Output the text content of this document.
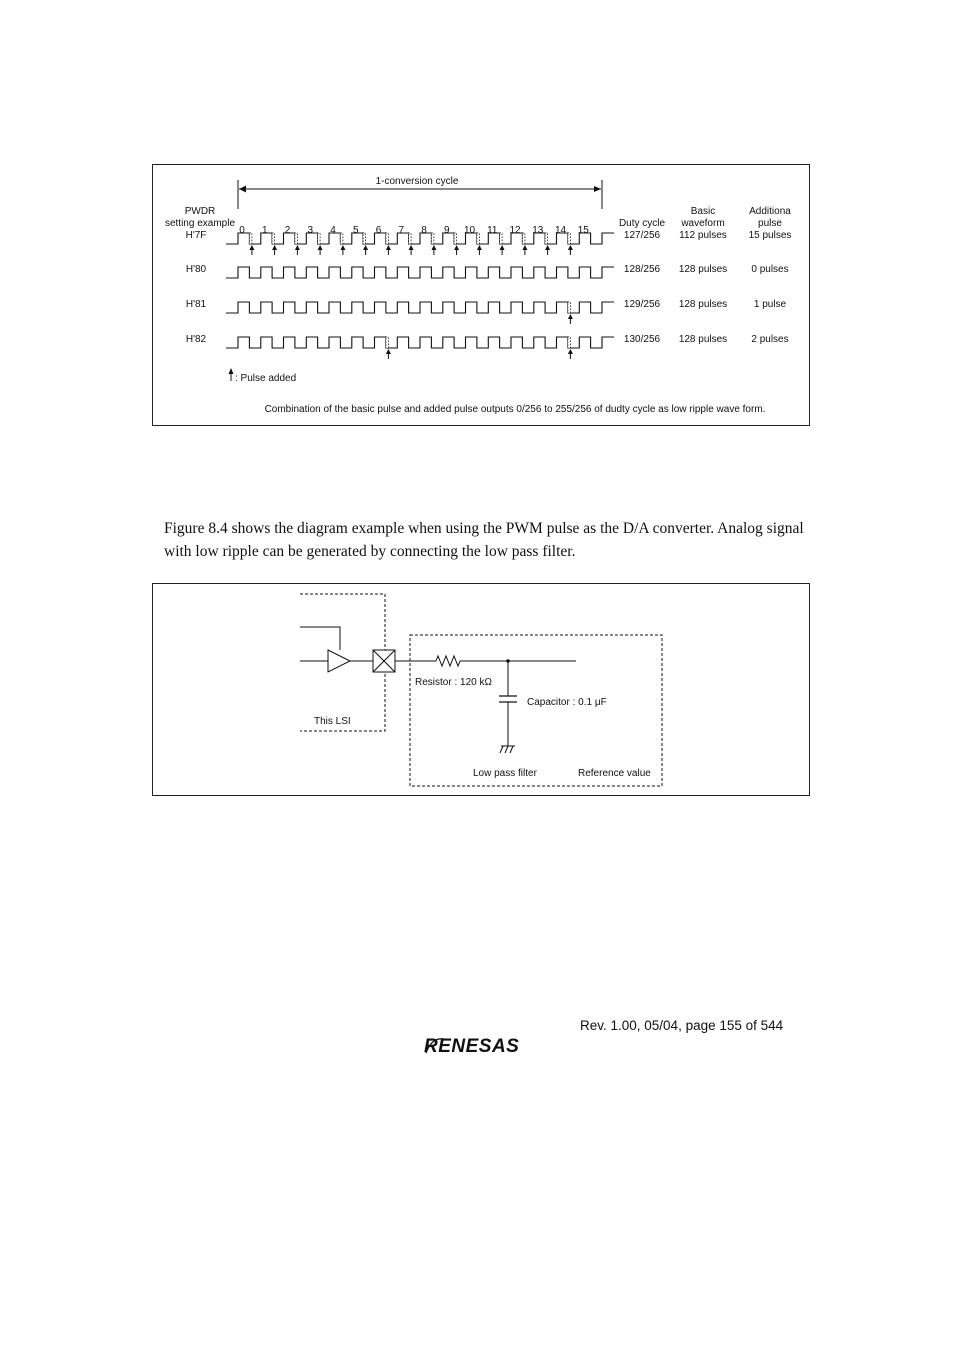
1-conversion cycle
PWDR
setting example	Duty cycle
Basic
waveform
Additiona
pulse
0 1 2 3 4 5 6 7 8 9 10 11 12 13 14 15
H'7F	127/256 112 pulses 15 pulses
H'80	128/256 128 pulses 0 pulses
H'81	129/256 128 pulses	1 pulse
H'82	130/256 128 pulses 2 pulses
: Pulse added
Combination of the basic pulse and added pulse outputs 0/256 to 255/256 of dudty cycle as low ripple wave form.

Figure 8.4 shows the diagram example when using the PWM pulse as the D/A converter. Analog signal with low ripple can be generated by connecting the low pass filter.

Resistor : 120 kΩ
Capacitor : 0.1 μF
This LSI
Low pass filter	Reference value
Rev. 1.00, 05/04, page 155 of 544
RENESAS
